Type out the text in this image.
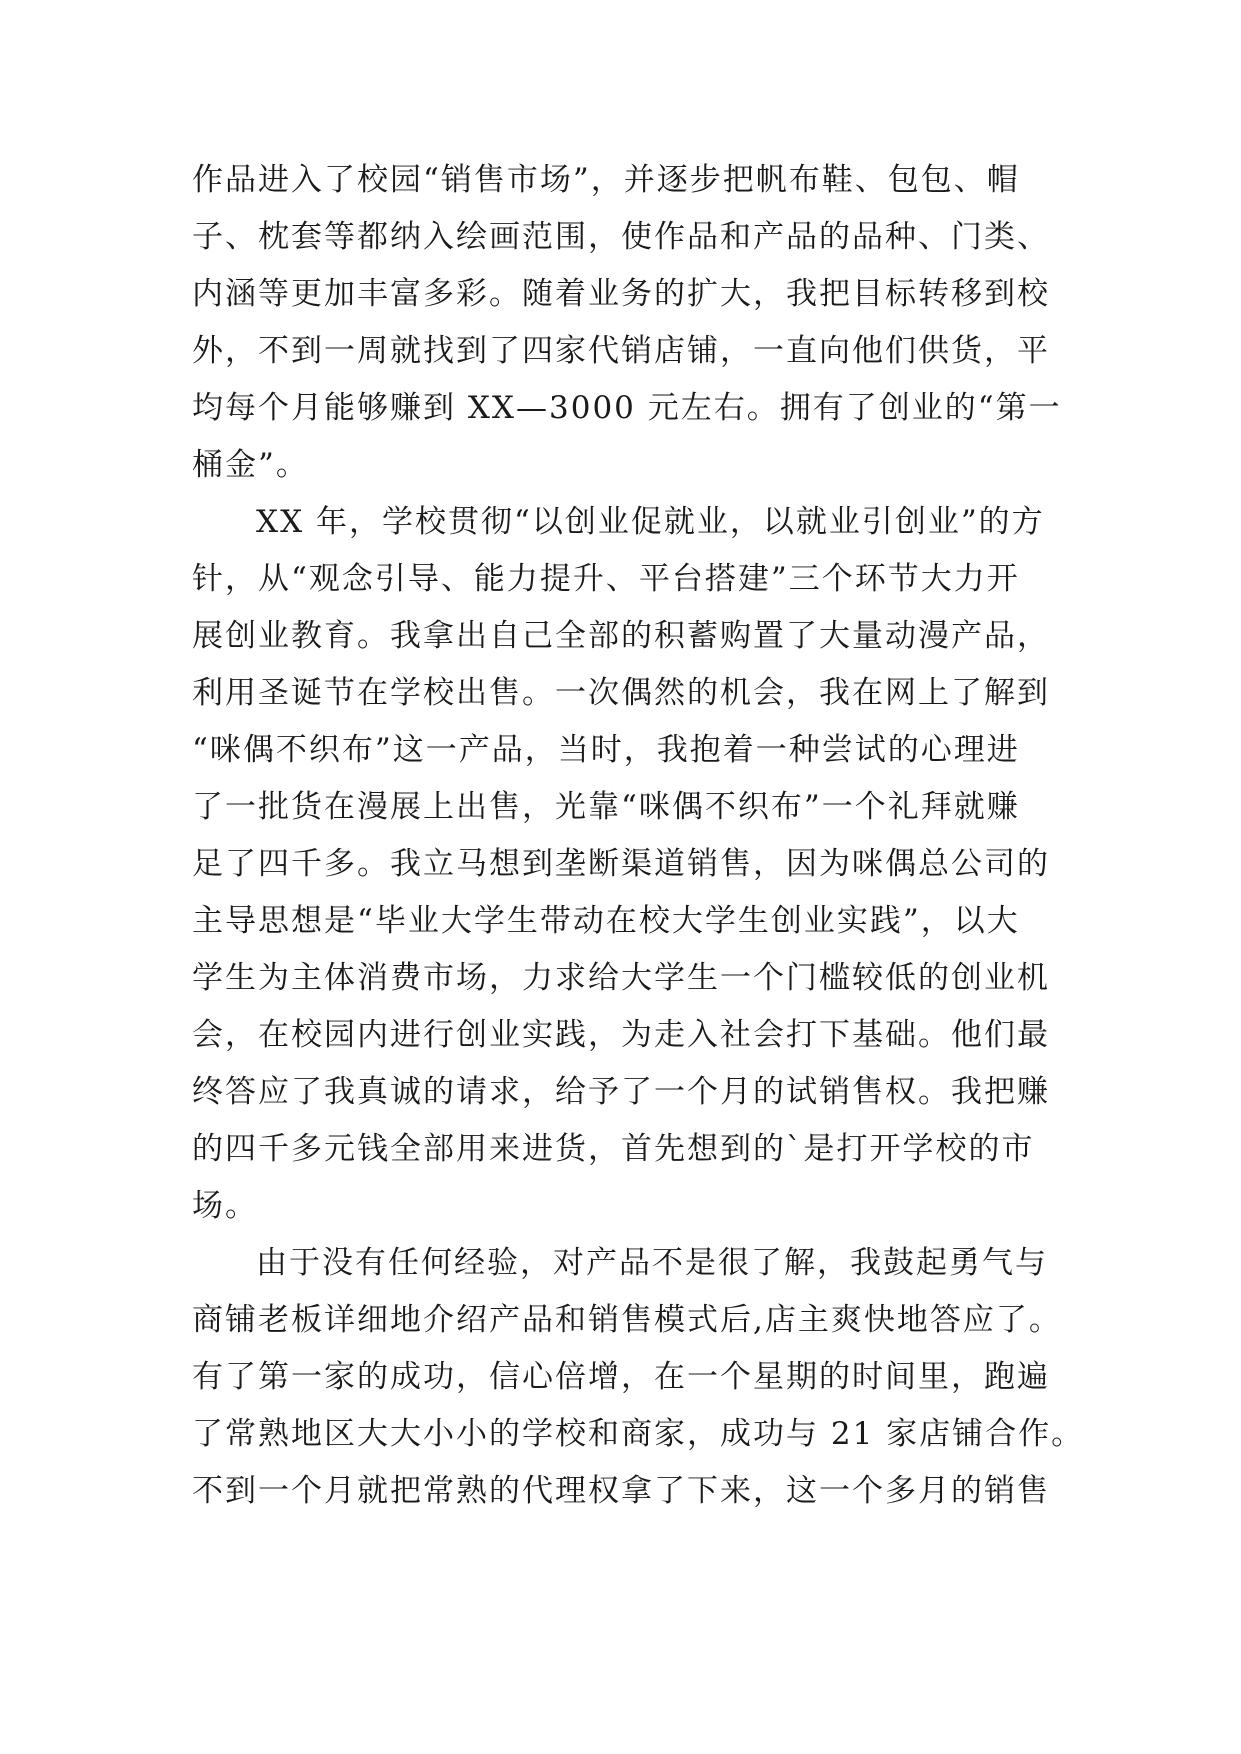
作品进入了校园“销售市场”，并逐步把帆布鞋、包包、帽
子、枕套等都纳入绘画范围，使作品和产品的品种、门类、
内涵等更加丰富多彩。随着业务的扩大，我把目标转移到校
外，不到一周就找到了四家代销店铺，一直向他们供货，平
均每个月能够赚到 XX—3000 元左右。拥有了创业的“第一
桶金”。
XX 年，学校贯彻“以创业促就业，以就业引创业”的方
针，从“观念引导、能力提升、平台搭建”三个环节大力开
展创业教育。我拿出自己全部的积蓄购置了大量动漫产品，
利用圣诞节在学校出售。一次偶然的机会，我在网上了解到
“咪偶不织布”这一产品，当时，我抱着一种尝试的心理进
了一批货在漫展上出售，光靠“咪偶不织布”一个礼拜就赚
足了四千多。我立马想到垄断渠道销售，因为咪偶总公司的
主导思想是“毕业大学生带动在校大学生创业实践”，以大
学生为主体消费市场，力求给大学生一个门槛较低的创业机
会，在校园内进行创业实践，为走入社会打下基础。他们最
终答应了我真诚的请求，给予了一个月的试销售权。我把赚
的四千多元钱全部用来进货，首先想到的`是打开学校的市
场。
由于没有任何经验，对产品不是很了解，我鼓起勇气与
商铺老板详细地介绍产品和销售模式后,店主爽快地答应了。
有了第一家的成功，信心倍增，在一个星期的时间里，跑遍
了常熟地区大大小小的学校和商家，成功与 21 家店铺合作。
不到一个月就把常熟的代理权拿了下来，这一个多月的销售
